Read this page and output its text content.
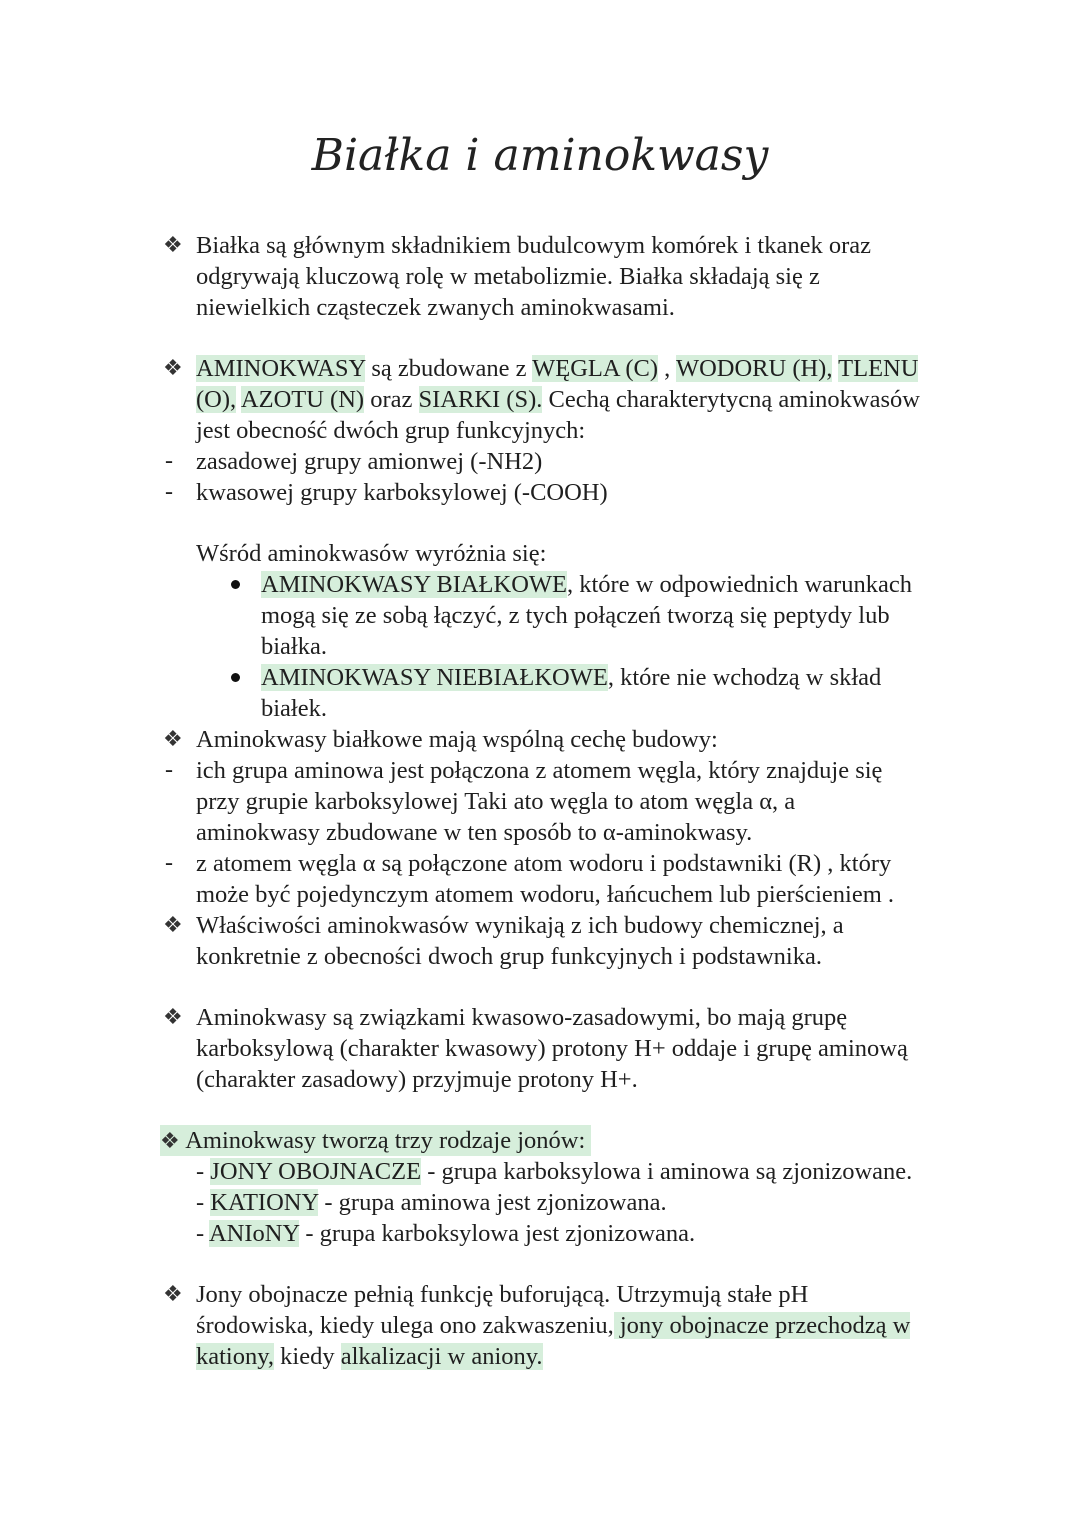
Białka i aminokwasy
❖ Białka są głównym składnikiem budulcowym komórek i tkanek oraz
odgrywają kluczową rolę w metabolizmie. Białka składają się z
niewielkich cząsteczek zwanych aminokwasami.
❖ AMINOKWASY są zbudowane z WĘGLA (C) , WODORU (H), TLENU
(O), AZOTU (N) oraz SIARKI (S). Cechą charakterytycną aminokwasów
jest obecność dwóch grup funkcyjnych:
- zasadowej grupy amionwej (-NH2)
- kwasowej grupy karboksylowej (-COOH)
Wśród aminokwasów wyróżnia się:
AMINOKWASY BIAŁKOWE, które w odpowiednich warunkach
mogą się ze sobą łączyć, z tych połączeń tworzą się peptydy lub
białka.
AMINOKWASY NIEBIAŁKOWE, które nie wchodzą w skład
białek.
❖ Aminokwasy białkowe mają wspólną cechę budowy:
- ich grupa aminowa jest połączona z atomem węgla, który znajduje się
przy grupie karboksylowej Taki ato węgla to atom węgla α, a
aminokwasy zbudowane w ten sposób to α-aminokwasy.
- z atomem węgla α są połączone atom wodoru i podstawniki (R) , który
może być pojedynczym atomem wodoru, łańcuchem lub pierścieniem .
❖ Właściwości aminokwasów wynikają z ich budowy chemicznej, a
konkretnie z obecności dwoch grup funkcyjnych i podstawnika.
❖ Aminokwasy są związkami kwasowo-zasadowymi, bo mają grupę
karboksylową (charakter kwasowy) protony H+ oddaje i grupę aminową
(charakter zasadowy) przyjmuje protony H+.
❖ Aminokwasy tworzą trzy rodzaje jonów:
- JONY OBOJNACZE - grupa karboksylowa i aminowa są zjonizowane.
- KATIONY - grupa aminowa jest zjonizowana.
- ANIoNY - grupa karboksylowa jest zjonizowana.
❖ Jony obojnacze pełnią funkcję buforującą. Utrzymują stałe pH
środowiska, kiedy ulega ono zakwaszeniu, jony obojnacze przechodzą w
kationy, kiedy alkalizacji w aniony.
